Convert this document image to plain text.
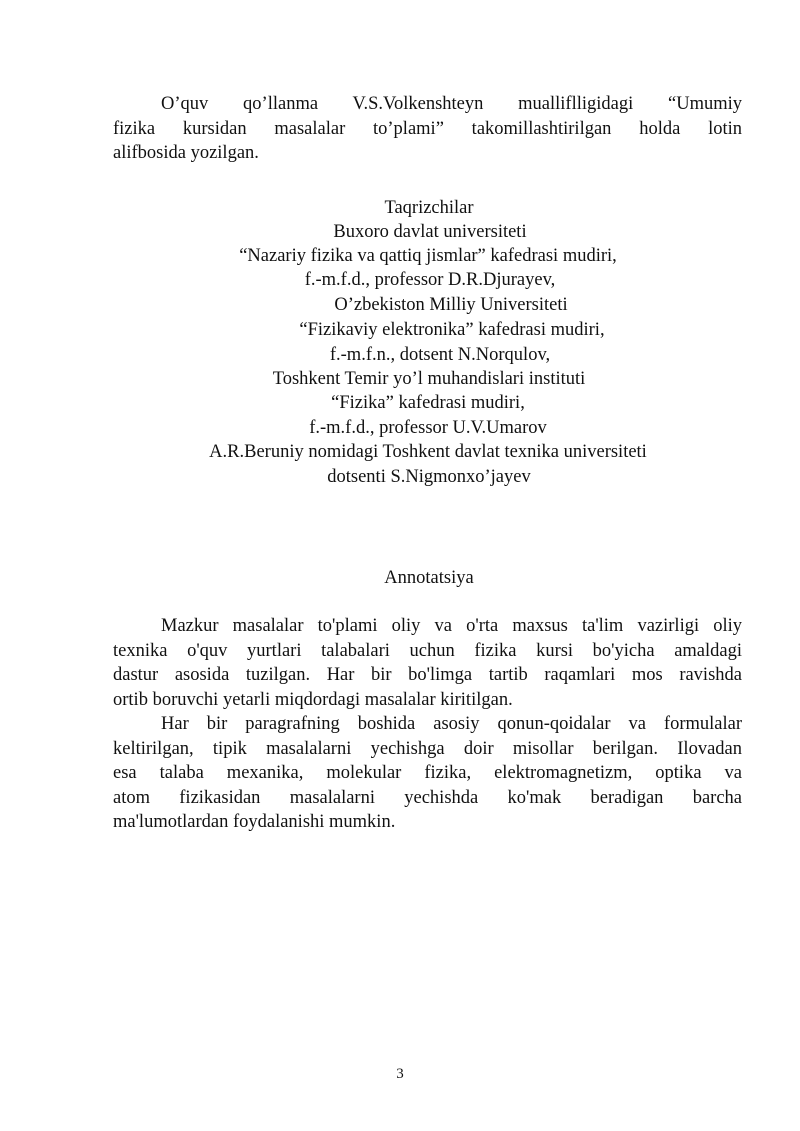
O’quv qo’llanma V.S.Volkenshteyn mualliflligidagi “Umumiy
fizika kursidan masalalar to’plami” takomillashtirilgan holda lotin
alifbosida yozilgan.

Taqrizchilar

Buxoro davlat universiteti

“Nazariy fizika va qattiq jismlar” kafedrasi mudiri,

f.-m.f.d., professor D.R.Djurayev,

O’zbekiston Milliy Universiteti

“Fizikaviy elektronika” kafedrasi mudiri,

f.-m.f.n., dotsent N.Norqulov,

Toshkent Temir yo’l muhandislari instituti

“Fizika” kafedrasi mudiri,

f.-m.f.d., professor U.V.Umarov

A.R.Beruniy nomidagi Toshkent davlat texnika universiteti

dotsenti S.Nigmonxo’jayev

Annotatsiya

Mazkur masalalar to'plami oliy va o'rta maxsus ta'lim vazirligi oliy
texnika o'quv yurtlari talabalari uchun fizika kursi bo'yicha amaldagi
dastur asosida tuzilgan. Har bir bo'limga tartib raqamlari mos ravishda
ortib boruvchi yetarli miqdordagi masalalar kiritilgan.
Har bir paragrafning boshida asosiy qonun-qoidalar va formulalar
keltirilgan, tipik masalalarni yechishga doir misollar berilgan. Ilovadan
esa talaba mexanika, molekular fizika, elektromagnetizm, optika va
atom fizikasidan masalalarni yechishda ko'mak beradigan barcha
ma'lumotlardan foydalanishi mumkin.
3
